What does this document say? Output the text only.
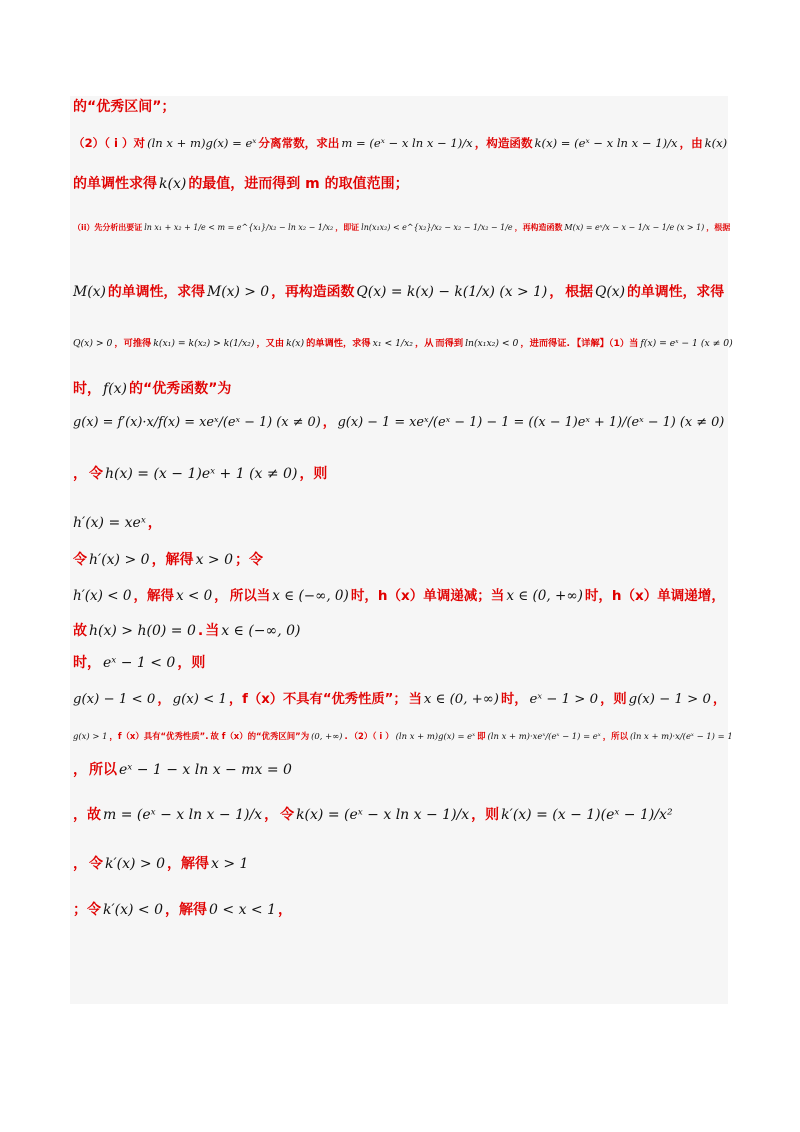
的“优秀区间”；
（2）（ i ）对 (ln x + m)g(x) = eˣ 分离常数，求出 m = (eˣ − x ln x − 1)/x ，构造函数 k(x) = (eˣ − x ln x − 1)/x ，由 k(x)
的单调性求得 k(x) 的最值，进而得到 m 的取值范围；
（ii）先分析出要证 ln x₁ + x₂ + 1/e < m = e^{x₁}/x₂ − ln x₂ − 1/x₂ ，即证 ln(x₁x₂) < e^{x₂}/x₂ − x₂ − 1/x₂ − 1/e ，再构造函数 M(x) = eˣ/x − x − 1/x − 1/e (x > 1) ，根据
M(x) 的单调性，求得 M(x) > 0 ，再构造函数 Q(x) = k(x) − k(1/x) (x > 1) ， 根据 Q(x) 的单调性，求得
Q(x) > 0 ，可推得 k(x₁) = k(x₂) > k(1/x₂) ，又由 k(x) 的单调性，求得 x₁ < 1/x₂ ，从 而得到 ln(x₁x₂) < 0 ，进而得证. 【详解】（1）当 f(x) = eˣ − 1 (x ≠ 0)
时， f(x) 的“优秀函数”为
g(x) = f′(x)·x/f(x) = xeˣ/(eˣ − 1) (x ≠ 0) ， g(x) − 1 = xeˣ/(eˣ − 1) − 1 = ((x − 1)eˣ + 1)/(eˣ − 1) (x ≠ 0)
， 令 h(x) = (x − 1)eˣ + 1 (x ≠ 0) ，则
h′(x) = xeˣ ，
令 h′(x) > 0 ，解得 x > 0 ；令
h′(x) < 0 ，解得 x < 0 ， 所以当 x ∈ (−∞, 0) 时，h（x）单调递减；当 x ∈ (0, +∞) 时，h（x）单调递增，
故 h(x) > h(0) = 0 . 当 x ∈ (−∞, 0)
时， eˣ − 1 < 0 ，则
g(x) − 1 < 0 ， g(x) < 1 ，f（x）不具有“优秀性质”； 当 x ∈ (0, +∞) 时， eˣ − 1 > 0 ，则 g(x) − 1 > 0 ，
g(x) > 1 ，f（x）具有“优秀性质”. 故 f（x）的“优秀区间”为 (0, +∞) . （2）（ i ） (ln x + m)g(x) = eˣ 即 (ln x + m)·xeˣ/(eˣ − 1) = eˣ ，所以 (ln x + m)·x/(eˣ − 1) = 1
， 所以 eˣ − 1 − x ln x − mx = 0
，故 m = (eˣ − x ln x − 1)/x ， 令 k(x) = (eˣ − x ln x − 1)/x ，则 k′(x) = (x − 1)(eˣ − 1)/x²
， 令 k′(x) > 0 ，解得 x > 1
；令 k′(x) < 0 ，解得 0 < x < 1 ，
